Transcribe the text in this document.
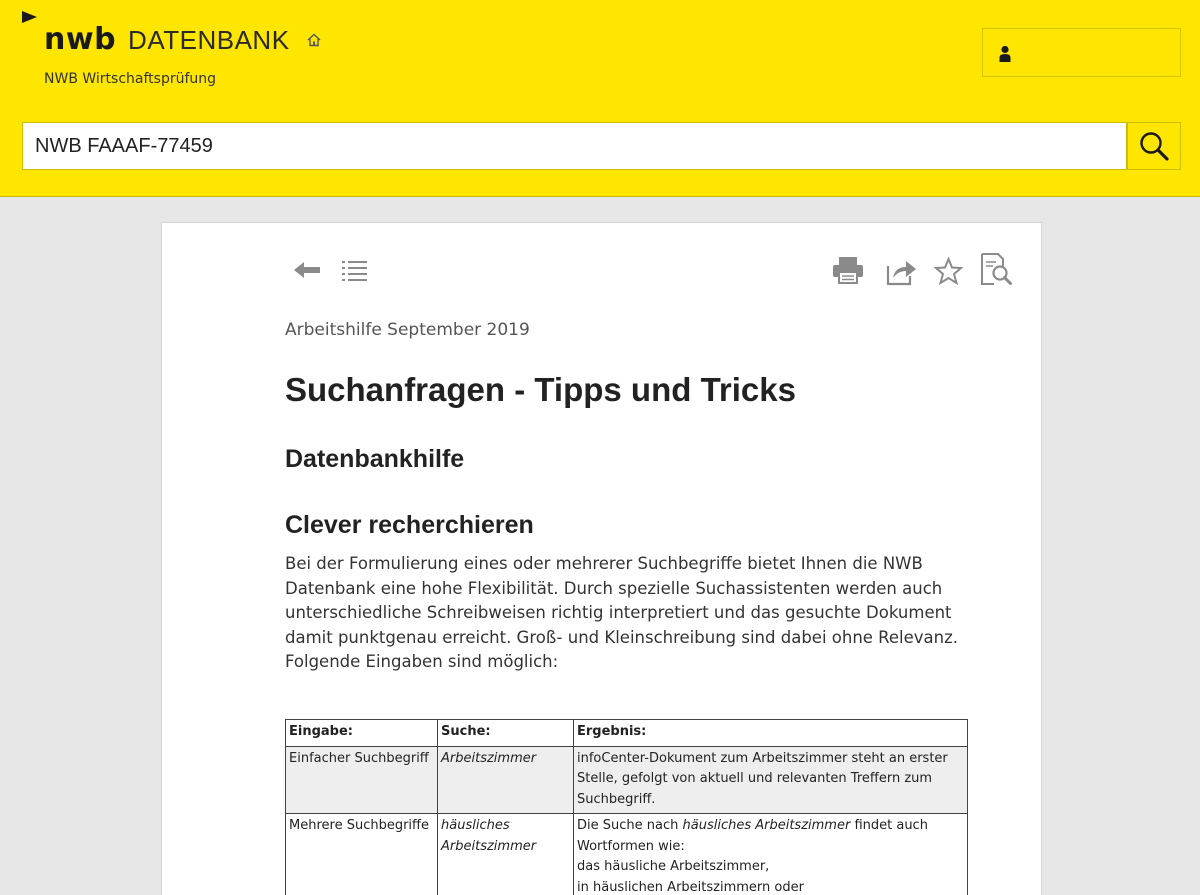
nwb DATENBANK
NWB Wirtschaftsprüfung
NWB FAAAF-77459
Arbeitshilfe September 2019
Suchanfragen - Tipps und Tricks
Datenbankhilfe
Clever recherchieren
Bei der Formulierung eines oder mehrerer Suchbegriffe bietet Ihnen die NWB Datenbank eine hohe Flexibilität. Durch spezielle Suchassistenten werden auch unterschiedliche Schreibweisen richtig interpretiert und das gesuchte Dokument damit punktgenau erreicht. Groß- und Kleinschreibung sind dabei ohne Relevanz. Folgende Eingaben sind möglich:
Eingabe:	Suche:	Ergebnis:
Einfacher Suchbegriff	Arbeitszimmer	infoCenter-Dokument zum Arbeitszimmer steht an erster Stelle, gefolgt von aktuell und relevanten Treffern zum Suchbegriff.
Mehrere Suchbegriffe	häusliches Arbeitszimmer	Die Suche nach häusliches Arbeitszimmer findet auch Wortformen wie:
das häusliche Arbeitszimmer,
in häuslichen Arbeitszimmern oder
